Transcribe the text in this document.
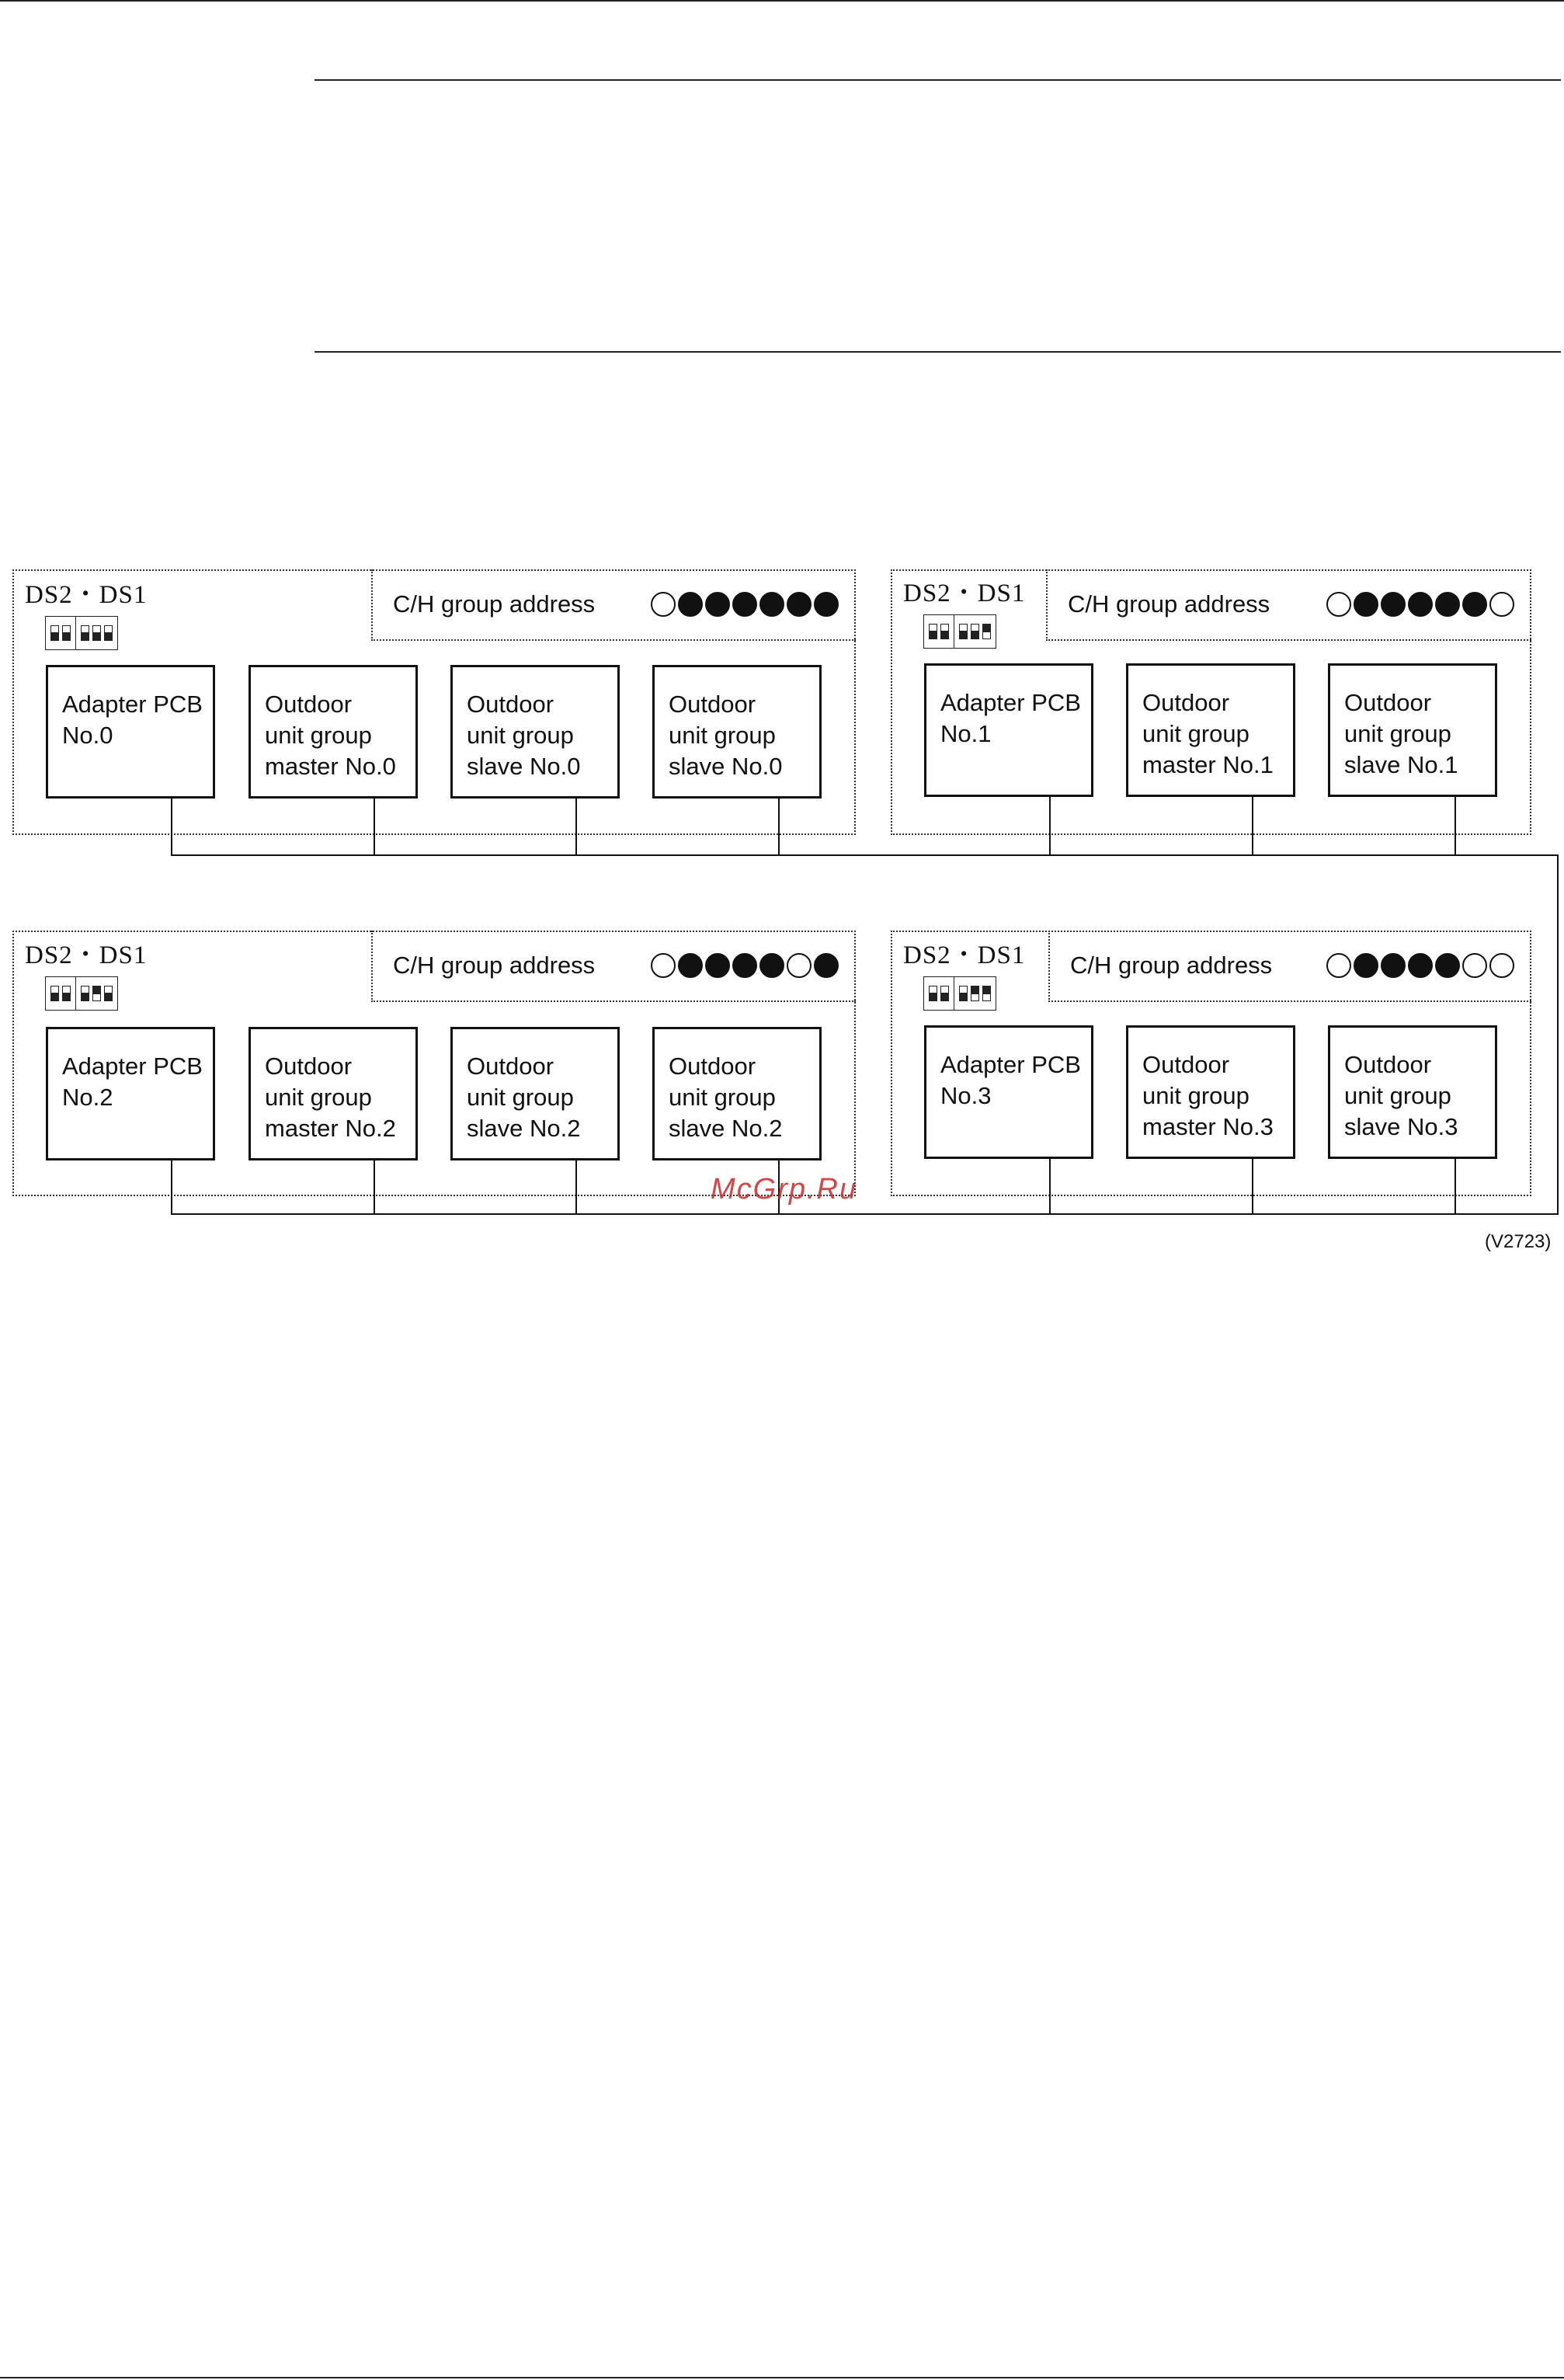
DS2・DS1	C/H group address
Adapter PCB
No.0
Outdoor
unit group
master No.0
Outdoor
unit group
slave No.0
Outdoor
unit group
slave No.0
DS2・DS1 C/H group address
Adapter PCB
No.1
Outdoor
unit group
master No.1
Outdoor
unit group
slave No.1
DS2・DS1	C/H group address
Adapter PCB
No.2
Outdoor
unit group
master No.2
Outdoor
unit group
slave No.2
Outdoor
unit group
slave No.2
DS2・DS1 C/H group address
Adapter PCB
No.3
Outdoor
unit group
master No.3
Outdoor
unit group
slave No.3
(V2723)
McGrp.Ru
